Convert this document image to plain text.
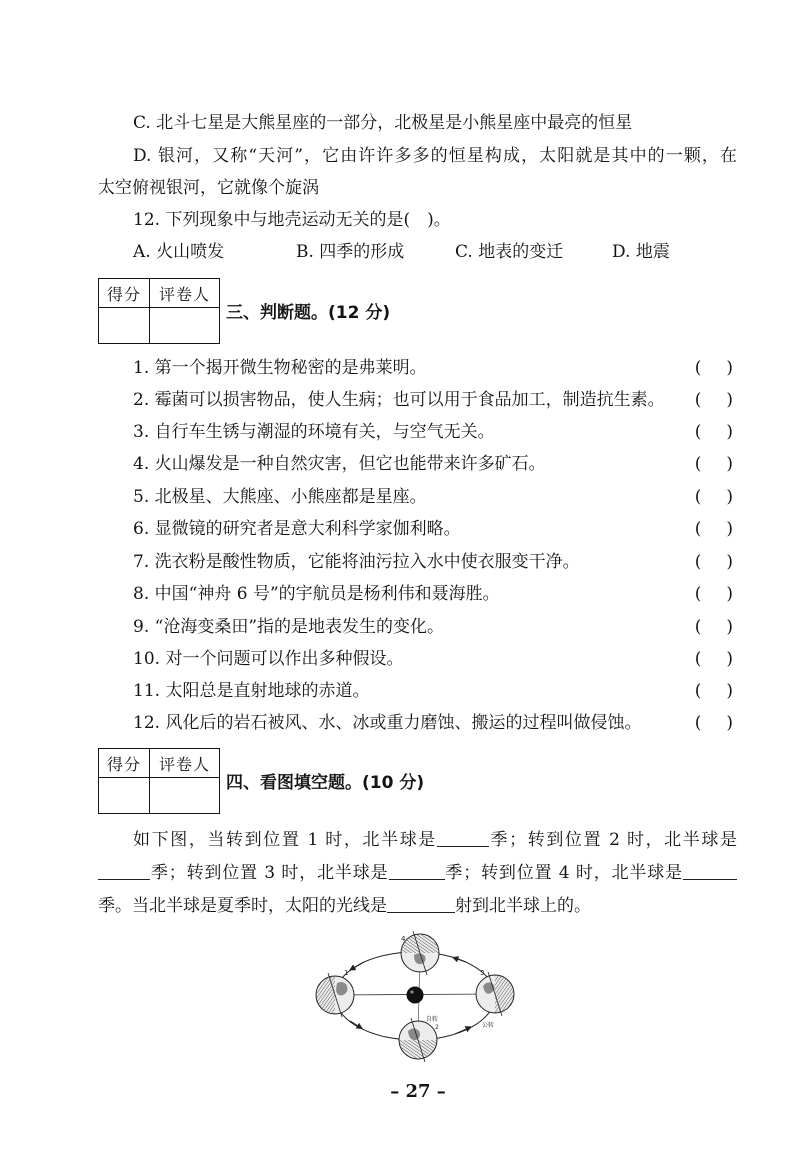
C. 北斗七星是大熊星座的一部分，北极星是小熊星座中最亮的恒星
D. 银河，又称“天河”，它由许许多多的恒星构成，太阳就是其中的一颗，在
太空俯视银河，它就像个旋涡
12. 下列现象中与地壳运动无关的是(　)。
A. 火山喷发	B. 四季的形成	C. 地表的变迁	D. 地震
得分	评卷人
三、判断题。(12 分)
1. 第一个揭开微生物秘密的是弗莱明。	(　)
2. 霉菌可以损害物品，使人生病；也可以用于食品加工，制造抗生素。 (　)
3. 自行车生锈与潮湿的环境有关，与空气无关。	(　)
4. 火山爆发是一种自然灾害，但它也能带来许多矿石。	(　)
5. 北极星、大熊座、小熊座都是星座。	(　)
6. 显微镜的研究者是意大利科学家伽利略。	(　)
7. 洗衣粉是酸性物质，它能将油污拉入水中使衣服变干净。	(　)
8. 中国“神舟 6 号”的宇航员是杨利伟和聂海胜。	(　)
9. “沧海变桑田”指的是地表发生的变化。	(　)
10. 对一个问题可以作出多种假设。	(　)
11. 太阳总是直射地球的赤道。	(　)
12. 风化后的岩石被风、水、冰或重力磨蚀、搬运的过程叫做侵蚀。	(　)
得分	评卷人
四、看图填空题。(10 分)
如下图，当转到位置 1 时，北半球是	季；转到位置 2 时，北半球是
季；转到位置 3 时，北半球是	季；转到位置 4 时，北半球是
季。当北半球是夏季时，太阳的光线是	射到北半球上的。
1
2
3
4
自转
公转
– 27 –
